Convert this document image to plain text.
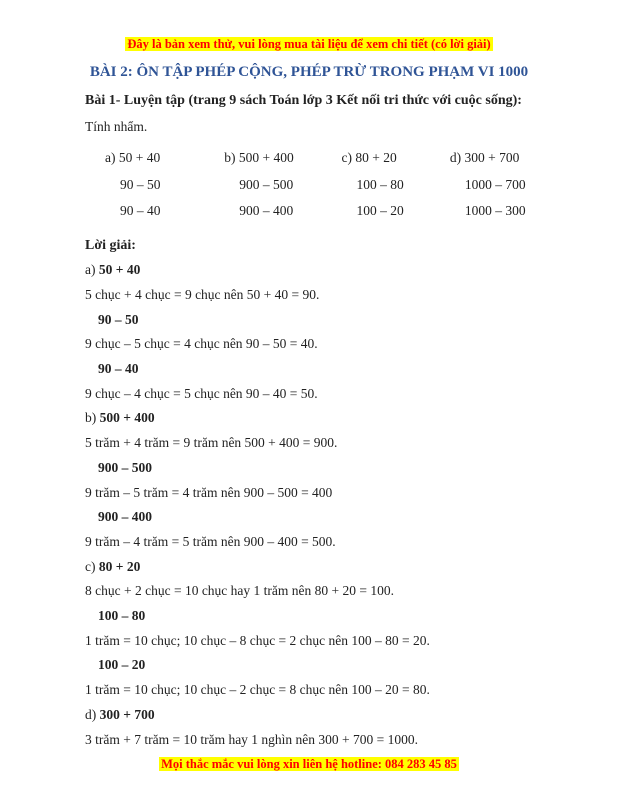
Đây là bản xem thử, vui lòng mua tài liệu để xem chi tiết (có lời giải)
BÀI 2: ÔN TẬP PHÉP CỘNG, PHÉP TRỪ TRONG PHẠM VI 1000

Bài 1- Luyện tập (trang 9 sách Toán lớp 3 Kết nối tri thức với cuộc sống):

Tính nhẩm.

a) 50 + 40
90 – 50
90 – 40
b) 500 + 400
900 – 500
900 – 400
c) 80 + 20
100 – 80
100 – 20
d) 300 + 700
1000 – 700
1000 – 300

Lời giải:

a) 50 + 40

5 chục + 4 chục = 9 chục nên 50 + 40 = 90.

90 – 50

9 chục – 5 chục = 4 chục nên 90 – 50 = 40.

90 – 40

9 chục – 4 chục = 5 chục nên 90 – 40 = 50.

b) 500 + 400

5 trăm + 4 trăm = 9 trăm nên 500 + 400 = 900.

900 – 500

9 trăm – 5 trăm = 4 trăm nên 900 – 500 = 400

900 – 400

9 trăm – 4 trăm = 5 trăm nên 900 – 400 = 500.

c) 80 + 20

8 chục + 2 chục = 10 chục hay 1 trăm nên 80 + 20 = 100.

100 – 80

1 trăm = 10 chục; 10 chục – 8 chục = 2 chục nên 100 – 80 = 20.

100 – 20

1 trăm = 10 chục; 10 chục – 2 chục = 8 chục nên 100 – 20 = 80.

d) 300 + 700

3 trăm + 7 trăm = 10 trăm hay 1 nghìn nên 300 + 700 = 1000.

Mọi thắc mắc vui lòng xin liên hệ hotline: 084 283 45 85
